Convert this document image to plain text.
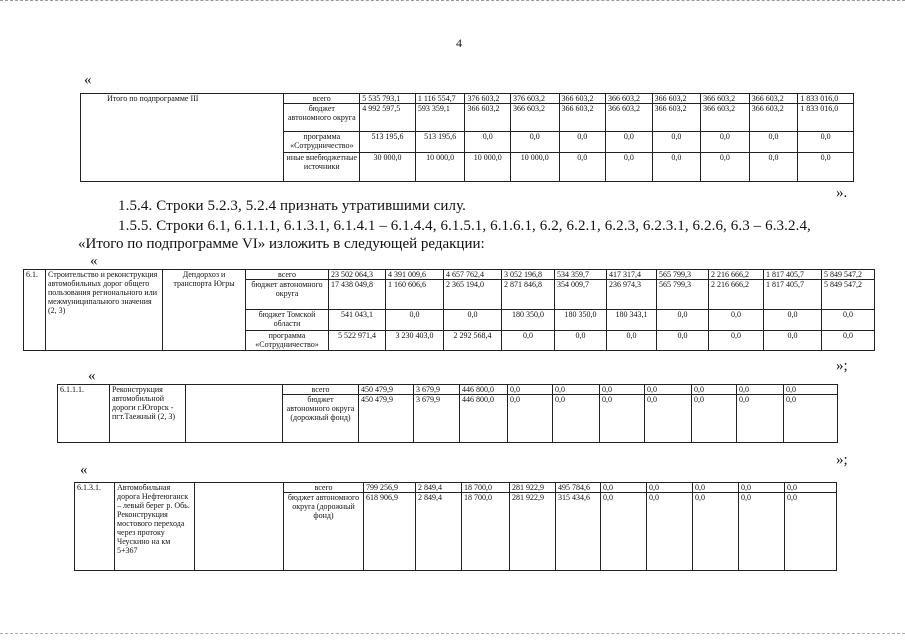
4
«
Итого по подпрограмме III	всего	5 535 793,1	1 116 554,7	376 603,2	376 603,2	366 603,2	366 603,2	366 603,2	366 603,2	366 603,2	1 833 016,0
	бюджет автономного округа	4 992 597,5	593 359,1	366 603,2	366 603,2	366 603,2	366 603,2	366 603,2	366 603,2	366 603,2	1 833 016,0
	программа «Сотрудничество»	513 195,6	513 195,6	0,0	0,0	0,0	0,0	0,0	0,0	0,0	0,0
	иные внебюджетные источники	30 000,0	10 000,0	10 000,0	10 000,0	0,0	0,0	0,0	0,0	0,0	0,0
».
1.5.4. Строки 5.2.3, 5.2.4 признать утратившими силу.
1.5.5. Строки 6.1, 6.1.1.1, 6.1.3.1, 6.1.4.1 – 6.1.4.4, 6.1.5.1, 6.1.6.1, 6.2, 6.2.1, 6.2.3, 6.2.3.1, 6.2.6, 6.3 – 6.3.2.4,
«Итого по подпрограмме VI» изложить в следующей редакции:
«
6.1.	Строительство и реконструкция автомобильных дорог общего пользования регионального или межмуниципального значения (2, 3)	Депдорхоз и транспорта Югры	всего	23 502 064,3	4 391 009,6	4 657 762,4	3 052 196,8	534 359,7	417 317,4	565 799,3	2 216 666,2	1 817 405,7	5 849 547,2
			бюджет автономного округа	17 438 049,8	1 160 606,6	2 365 194,0	2 871 846,8	354 009,7	236 974,3	565 799,3	2 216 666,2	1 817 405,7	5 849 547,2
			бюджет Томской области	541 043,1	0,0	0,0	180 350,0	180 350,0	180 343,1	0,0	0,0	0,0	0,0
			программа «Сотрудничество»	5 522 971,4	3 230 403,0	2 292 568,4	0,0	0,0	0,0	0,0	0,0	0,0	0,0
»;
«
6.1.1.1.	Реконструкция автомобильной дороги г.Югорск - пгт.Таежный (2, 3)		всего	450 479,9	3 679,9	446 800,0	0,0	0,0	0,0	0,0	0,0	0,0	0,0
			бюджет автономного округа (дорожный фонд)	450 479,9	3 679,9	446 800,0	0,0	0,0	0,0	0,0	0,0	0,0	0,0
»;
«
6.1.3.1.	Автомобильная дорога Нефтеюганск – левый берег р. Обь. Реконструкция мостового перехода через протоку Чеускино на км 5+367		всего	799 256,9	2 849,4	18 700,0	281 922,9	495 784,6	0,0	0,0	0,0	0,0	0,0
			бюджет автономного округа (дорожный фонд)	618 906,9	2 849,4	18 700,0	281 922,9	315 434,6	0,0	0,0	0,0	0,0	0,0
